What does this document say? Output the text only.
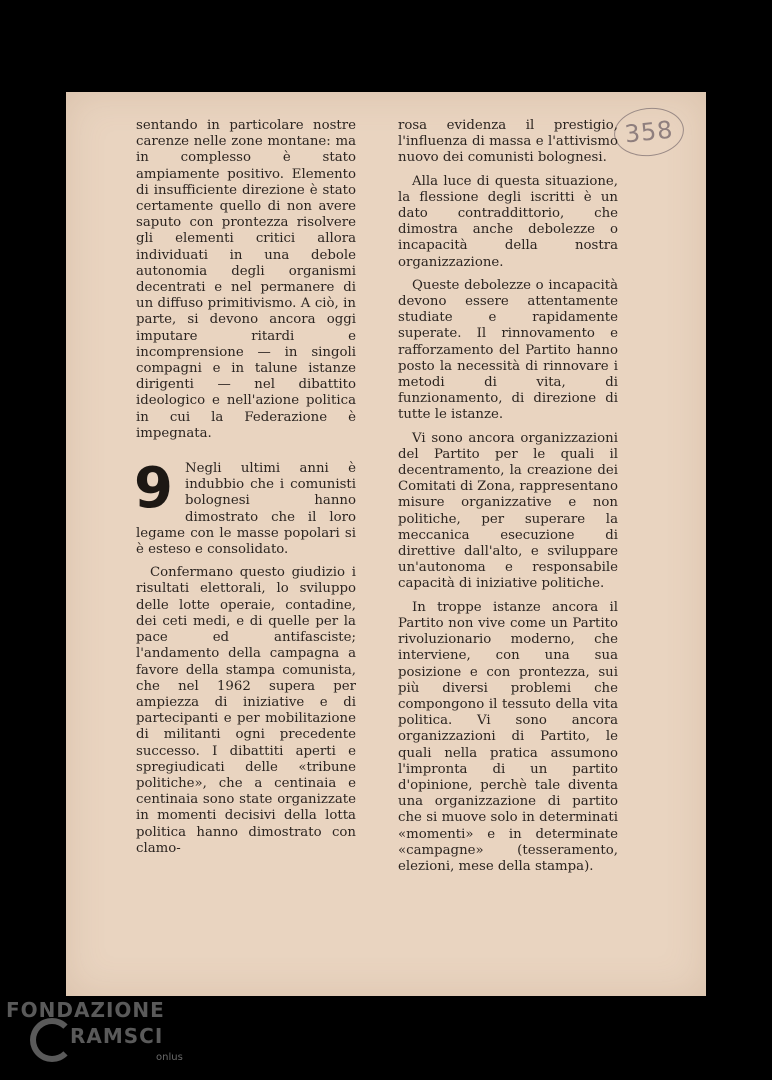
358

sentando in particolare nostre carenze nelle zone montane: ma in complesso è stato ampiamente positivo. Elemento di insufficiente direzione è stato certamente quello di non avere saputo con prontezza risolvere gli elementi critici allora individuati in una debole autonomia degli organismi decentrati e nel permanere di un diffuso primitivismo. A ciò, in parte, si devono ancora oggi imputare ritardi e incomprensione — in singoli compagni e in talune istanze dirigenti — nel dibattito ideologico e nell'azione politica in cui la Federazione è impegnata.

9 Negli ultimi anni è indubbio che i comunisti bolognesi hanno dimostrato che il loro legame con le masse popolari si è esteso e consolidato.

Confermano questo giudizio i risultati elettorali, lo sviluppo delle lotte operaie, contadine, dei ceti medi, e di quelle per la pace ed antifasciste; l'andamento della campagna a favore della stampa comunista, che nel 1962 supera per ampiezza di iniziative e di partecipanti e per mobilitazione di militanti ogni precedente successo. I dibattiti aperti e spregiudicati delle «tribune politiche», che a centinaia e centinaia sono state organizzate in momenti decisivi della lotta politica hanno dimostrato con clamo-

rosa evidenza il prestigio, l'influenza di massa e l'attivismo nuovo dei comunisti bolognesi.

Alla luce di questa situazione, la flessione degli iscritti è un dato contraddittorio, che dimostra anche debolezze o incapacità della nostra organizzazione.

Queste debolezze o incapacità devono essere attentamente studiate e rapidamente superate. Il rinnovamento e rafforzamento del Partito hanno posto la necessità di rinnovare i metodi di vita, di funzionamento, di direzione di tutte le istanze.

Vi sono ancora organizzazioni del Partito per le quali il decentramento, la creazione dei Comitati di Zona, rappresentano misure organizzative e non politiche, per superare la meccanica esecuzione di direttive dall'alto, e sviluppare un'autonoma e responsabile capacità di iniziative politiche.

In troppe istanze ancora il Partito non vive come un Partito rivoluzionario moderno, che interviene, con una sua posizione e con prontezza, sui più diversi problemi che compongono il tessuto della vita politica. Vi sono ancora organizzazioni di Partito, le quali nella pratica assumono l'impronta di un partito d'opinione, perchè tale diventa una organizzazione di partito che si muove solo in determinati «momenti» e in determinate «campagne» (tesseramento, elezioni, mese della stampa).

FONDAZIONE
RAMSCI
onlus
